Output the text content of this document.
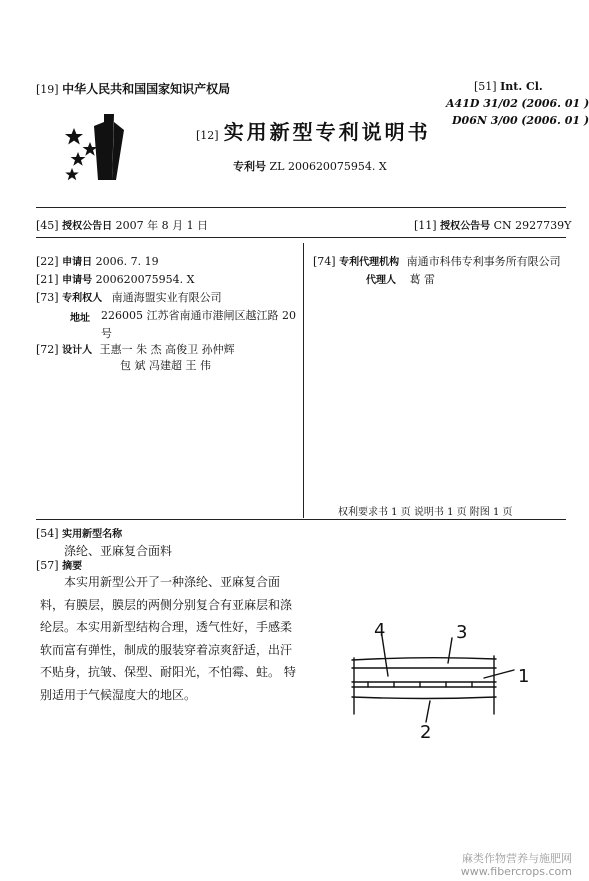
[19] 中华人民共和国国家知识产权局	[51] Int. Cl.
A41D 31/02 (2006. 01 )
D06N 3/00 (2006. 01 )
[12] 实用新型专利说明书
专利号 ZL 200620075954. X
[45] 授权公告日 2007 年 8 月 1 日	[11] 授权公告号 CN 2927739Y
[22] 申请日 2006. 7. 19
[21] 申请号 200620075954. X
[73] 专利权人 南通海盟实业有限公司
地址 226005 江苏省南通市港闸区越江路 20
号
[72] 设计人 王惠一 朱 杰 高俊卫 孙仲辉
包 斌 冯建超 王 伟
[74] 专利代理机构 南通市科伟专利事务所有限公司
代理人 葛 雷
权利要求书 1 页 说明书 1 页 附图 1 页
[54] 实用新型名称
涤纶、亚麻复合面料
[57] 摘要
本实用新型公开了一种涤纶、亚麻复合面料，有膜层，膜层的两侧分别复合有亚麻层和涤纶层。本实用新型结构合理，透气性好，手感柔软而富有弹性，制成的服装穿着凉爽舒适，出汗不贴身，抗皱、保型、耐阳光，不怕霉、蛀。 特别适用于气候湿度大的地区。
4	3
1
2
麻类作物营养与施肥网
www.fibercrops.com
